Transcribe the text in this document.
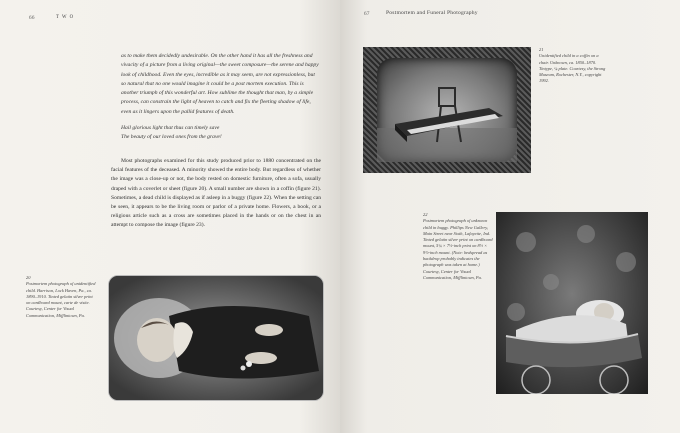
66	T W O

as to make them decidedly undesirable. On the other hand it has all the freshness and vivacity of a picture from a living original—the sweet composure—the serene and happy look of childhood. Even the eyes, incredible as it may seem, are not expressionless, but so natural that no one would imagine it could be a post mortem execution. This is another triumph of this wonderful art. How sublime the thought that man, by a simple process, can constrain the light of heaven to catch and fix the fleeting shadow of life, even as it lingers upon the pallid features of death.

Hail glorious light that thus can timely save

The beauty of our loved ones from the grave!

Most photographs examined for this study produced prior to 1880 concentrated on the facial features of the deceased. A minority showed the entire body. But regardless of whether the image was a close-up or not, the body rested on domestic furniture, often a sofa, usually draped with a coverlet or sheet (figure 20). A small number are shown in a coffin (figure 21). Sometimes, a dead child is displayed as if asleep in a buggy (figure 22). When the setting can be seen, it appears to be the living room or parlor of a private home. Flowers, a book, or a religious article such as a cross are sometimes placed in the hands or on the chest in an attempt to compose the image (figure 23).

20
Postmortem photograph of unidentified child. Harrison, Lock Haven, Pa., ca. 1890–1910. Tinted gelatin silver print on cardboard mount, carte de visite. Courtesy, Center for Visual Communication, Mifflintown, Pa.
67	Postmortem and Funeral Photography
21
Unidentified child in a coffin on a chair. Unknown, ca. 1850–1870. Tintype, ¼ plate. Courtesy, the Strong Museum, Rochester, N.Y., copyright 1992.
22
Postmortem photograph of unknown child in buggy. Phillips New Gallery, Main Street near Sixth, Lafayette, Ind. Tinted gelatin silver print on cardboard mount, 5¼ × 7½-inch print on 8½ × 9½-inch mount. (Note: bedspread as backdrop probably indicates the photograph was taken at home.) Courtesy, Center for Visual Communication, Mifflintown, Pa.
